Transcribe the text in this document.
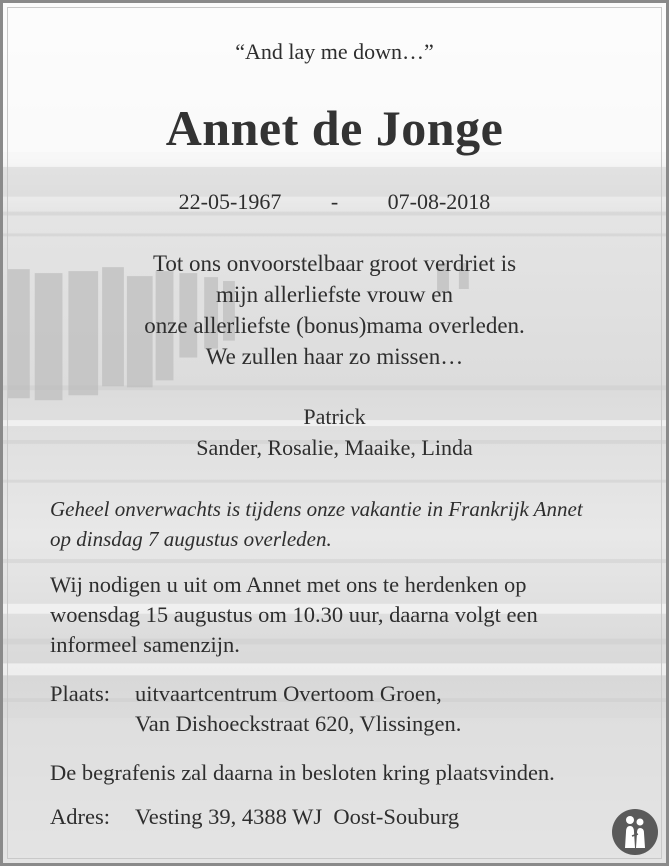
“And lay me down…”
Annet de Jonge
22-05-1967 - 07-08-2018
Tot ons onvoorstelbaar groot verdriet is
mijn allerliefste vrouw en
onze allerliefste (bonus)mama overleden.
We zullen haar zo missen…
Patrick
Sander, Rosalie, Maaike, Linda
Geheel onverwachts is tijdens onze vakantie in Frankrijk Annet
op dinsdag 7 augustus overleden.
Wij nodigen u uit om Annet met ons te herdenken op
woensdag 15 augustus om 10.30 uur, daarna volgt een
informeel samenzijn.
Plaats:	uitvaartcentrum Overtoom Groen,
Van Dishoeckstraat 620, Vlissingen.
De begrafenis zal daarna in besloten kring plaatsvinden.
Adres: Vesting 39, 4388 WJ  Oost-Souburg
